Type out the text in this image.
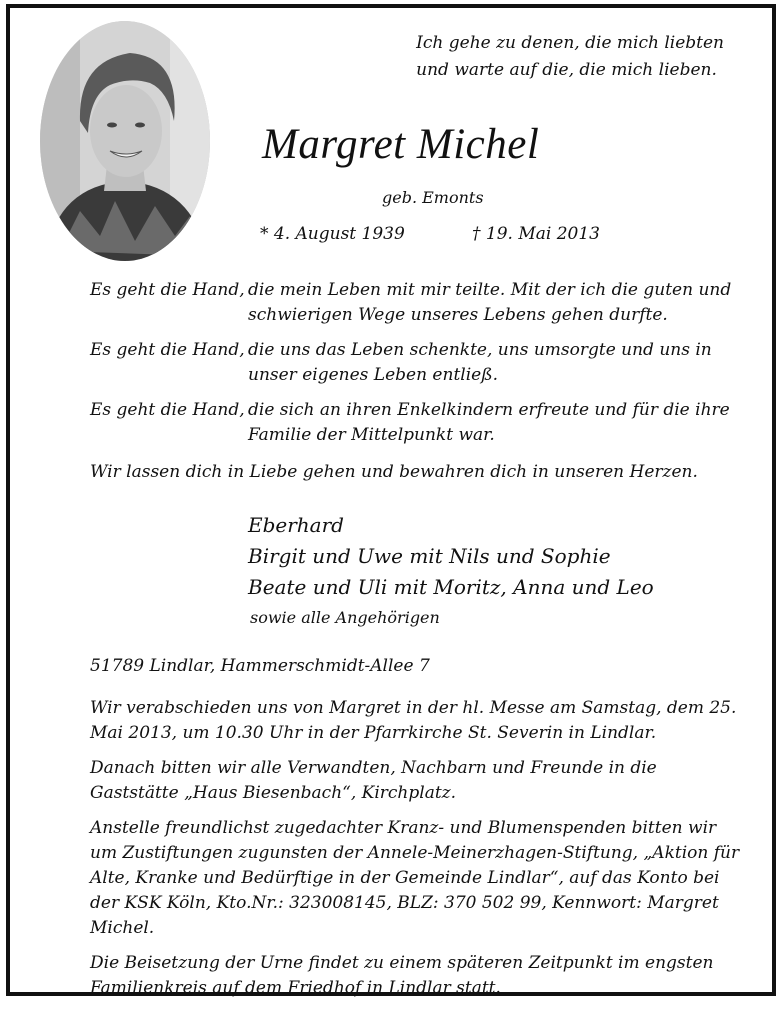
Ich gehe zu denen, die mich liebten
und warte auf die, die mich lieben.
Margret Michel
geb. Emonts
* 4. August 1939	† 19. Mai 2013
Es geht die Hand, die mein Leben mit mir teilte. Mit der ich die guten und schwierigen Wege unseres Lebens gehen durfte.
Es geht die Hand, die uns das Leben schenkte, uns umsorgte und uns in unser eigenes Leben entließ.
Es geht die Hand, die sich an ihren Enkelkindern erfreute und für die ihre Familie der Mittelpunkt war.
Wir lassen dich in Liebe gehen und bewahren dich in unseren Herzen.
Eberhard
Birgit und Uwe mit Nils und Sophie
Beate und Uli mit Moritz, Anna und Leo
sowie alle Angehörigen
51789 Lindlar, Hammerschmidt-Allee 7

Wir verabschieden uns von Margret in der hl. Messe am Samstag, dem 25. Mai 2013, um 10.30 Uhr in der Pfarrkirche St. Severin in Lindlar.

Danach bitten wir alle Verwandten, Nachbarn und Freunde in die Gaststätte „Haus Biesenbach“, Kirchplatz.

Anstelle freundlichst zugedachter Kranz- und Blumenspenden bitten wir um Zustiftungen zugunsten der Annele-Meinerzhagen-Stiftung, „Aktion für Alte, Kranke und Bedürftige in der Gemeinde Lindlar“, auf das Konto bei der KSK Köln, Kto.Nr.: 323008145, BLZ: 370 502 99, Kennwort: Margret Michel.

Die Beisetzung der Urne findet zu einem späteren Zeitpunkt im engsten Familienkreis auf dem Friedhof in Lindlar statt.
